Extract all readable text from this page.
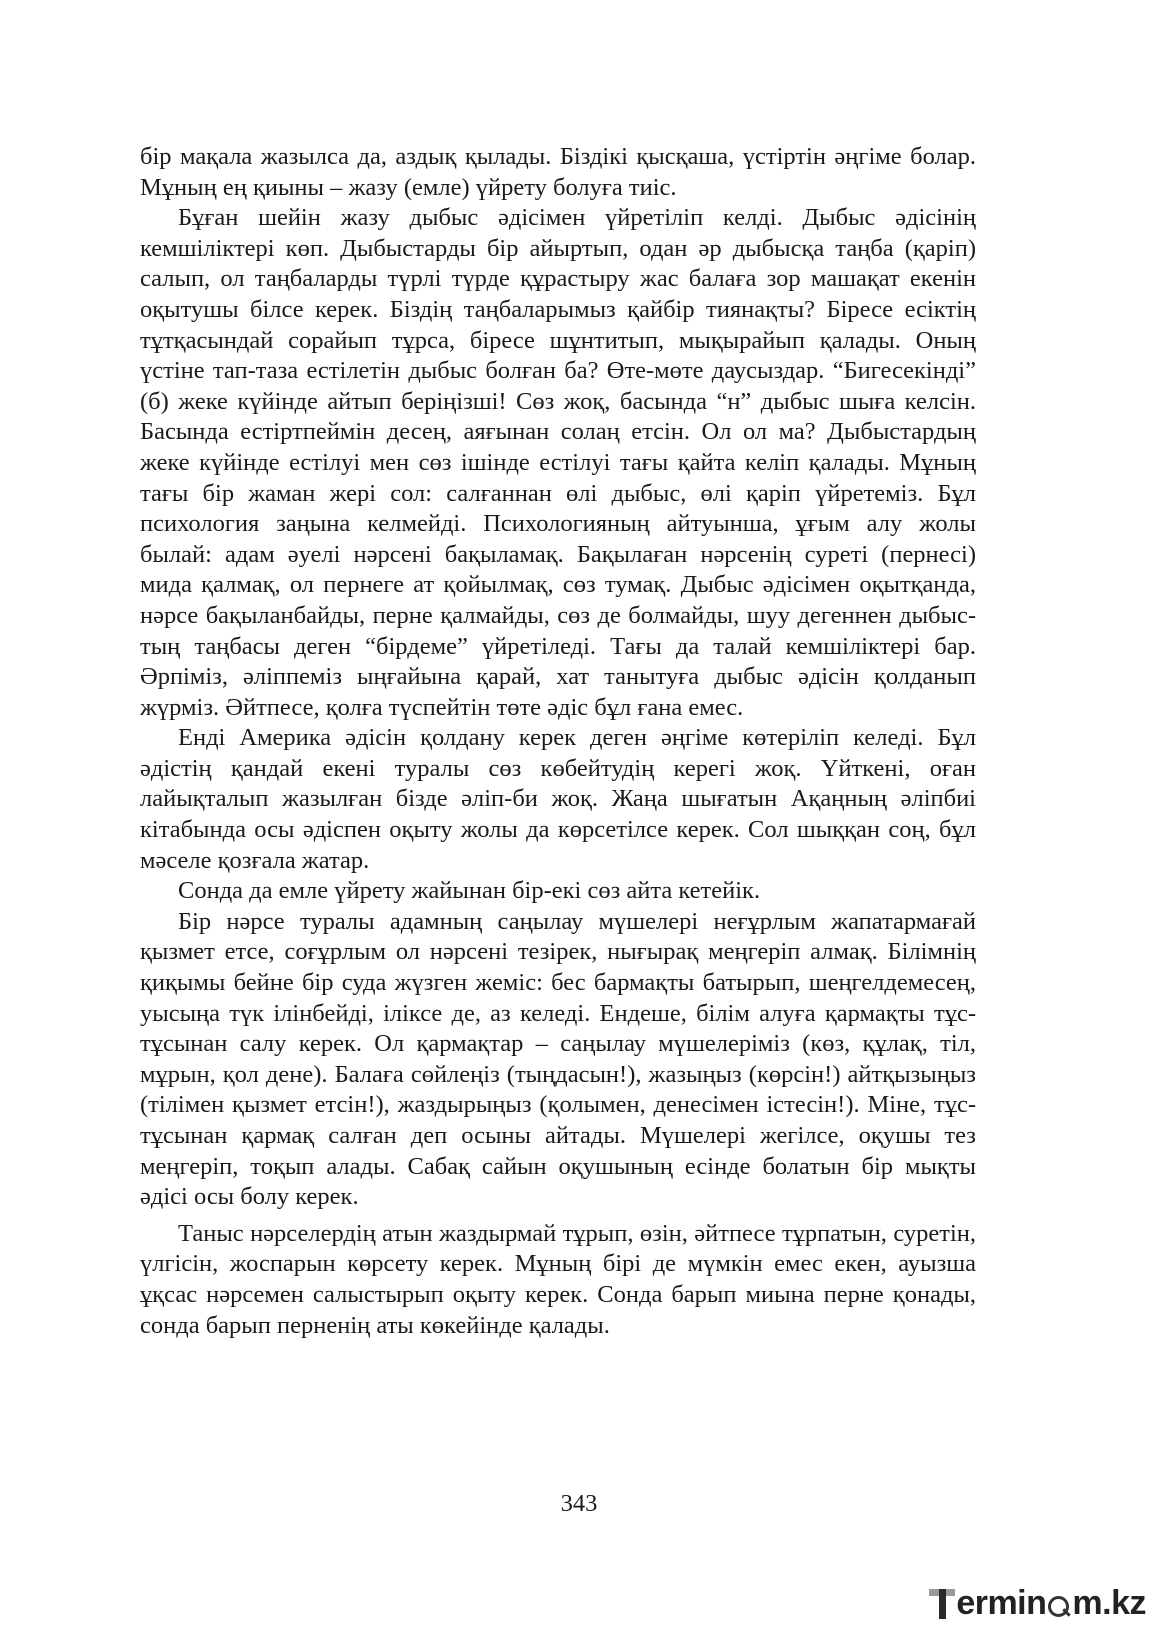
бір мақала жазылса да, аздық қылады. Біздікі қысқаша, үстіртін әңгіме болар. Мұның ең қиыны – жазу (емле) үйрету болуға тиіс.

Бұған шейін жазу дыбыс әдісімен үйретіліп келді. Дыбыс әдісінің кемшіліктері көп. Дыбыстарды бір айыртып, одан әр дыбысқа таңба (қаріп) салып, ол таңбаларды түрлі түрде құрастыру жас балаға зор машақат екенін оқытушы білсе керек. Біздің таңбаларымыз қайбір тиянақты? Біресе есіктің тұтқасындай сорайып тұрса, біресе шұнтитып, мықырайып қалады. Оның үстіне тап-таза естілетін дыбыс болған ба? Өте-мөте даусыздар. “Бигесекінді” (б) жеке күйінде айтып беріңізші! Сөз жоқ, басында “н” дыбыс шыға келсін. Басында естіртпеймін десең, аяғынан солаң етсін. Ол ол ма? Дыбыстардың жеке күйінде естілуі мен сөз ішінде естілуі тағы қайта келіп қалады. Мұның тағы бір жаман жері сол: салғаннан өлі дыбыс, өлі қаріп үйретеміз. Бұл психология заңына келмейді. Психологияның айтуынша, ұғым алу жолы былай: адам әуелі нәрсені бақыламақ. Бақылаған нәрсенің суреті (пернесі) мида қалмақ, ол пернеге ат қойылмақ, сөз тумақ. Дыбыс әдісімен оқытқанда, нәрсе бақыланбайды, перне қалмайды, сөз де болмайды, шуу дегеннен дыбыстың таңбасы деген “бірдеме” үйретіледі. Тағы да талай кемшіліктері бар. Әрпіміз, әліппеміз ыңғайына қарай, хат танытуға дыбыс әдісін қолданып жүрміз. Әйтпесе, қолға түспейтін төте әдіс бұл ғана емес.

Енді Америка әдісін қолдану керек деген әңгіме көтеріліп келеді. Бұл әдістің қандай екені туралы сөз көбейтудің керегі жоқ. Үйткені, оған лайықталып жазылған бізде әліп-би жоқ. Жаңа шығатын Ақаңның әліпбиі кітабында осы әдіспен оқыту жолы да көрсетілсе керек. Сол шыққан соң, бұл мәселе қозғала жатар.

Сонда да емле үйрету жайынан бір-екі сөз айта кетейік.

Бір нәрсе туралы адамның саңылау мүшелері неғұрлым жапатармағай қызмет етсе, соғұрлым ол нәрсені тезірек, нығырақ меңгеріп алмақ. Білімнің қиқымы бейне бір суда жүзген жеміс: бес бармақты батырып, шеңгелдемесең, уысыңа түк ілінбейді, іліксе де, аз келеді. Ендеше, білім алуға қармақты тұс-тұсынан салу керек. Ол қармақтар – саңылау мүшелеріміз (көз, құлақ, тіл, мұрын, қол дене). Балаға сөйлеңіз (тыңдасын!), жазыңыз (көрсін!) айтқызыңыз (тілімен қызмет етсін!), жаздырыңыз (қолымен, денесімен істесін!). Міне, тұс-тұсынан қармақ салған деп осыны айтады. Мүшелері жегілсе, оқушы тез меңгеріп, тоқып алады. Сабақ сайын оқушының есінде болатын бір мықты әдісі осы болу керек.

Таныс нәрселердің атын жаздырмай тұрып, өзін, әйтпесе тұрпатын, суретін, үлгісін, жоспарын көрсету керек. Мұның бірі де мүмкін емес екен, ауызша ұқсас нәрсемен салыстырып оқыту керек. Сонда барып миына перне қонады, сонда барып перненің аты көкейінде қалады.

343
ermin m.kz
